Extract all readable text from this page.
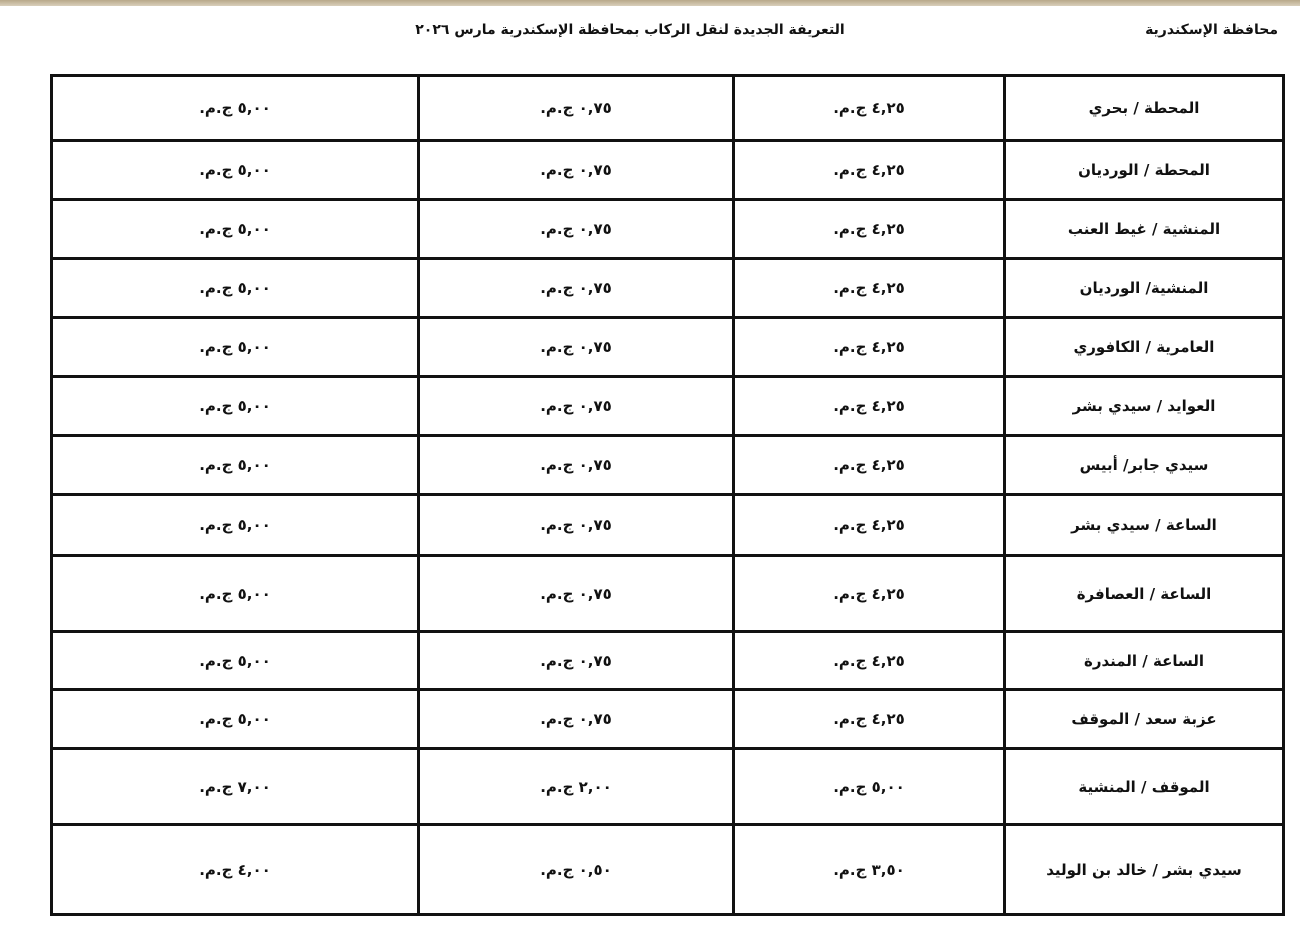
محافظة الإسكندرية
التعريفة الجديدة لنقل الركاب بمحافظة الإسكندرية مارس ٢٠٢٦
المحطة / بحري	٤,٢٥ ج.م.	٠,٧٥ ج.م.	٥,٠٠ ج.م.
المحطة / الورديان	٤,٢٥ ج.م.	٠,٧٥ ج.م.	٥,٠٠ ج.م.
المنشية / غيط العنب	٤,٢٥ ج.م.	٠,٧٥ ج.م.	٥,٠٠ ج.م.
المنشية/ الورديان	٤,٢٥ ج.م.	٠,٧٥ ج.م.	٥,٠٠ ج.م.
العامرية / الكافوري	٤,٢٥ ج.م.	٠,٧٥ ج.م.	٥,٠٠ ج.م.
العوايد / سيدي بشر	٤,٢٥ ج.م.	٠,٧٥ ج.م.	٥,٠٠ ج.م.
سيدي جابر/ أبيس	٤,٢٥ ج.م.	٠,٧٥ ج.م.	٥,٠٠ ج.م.
الساعة / سيدي بشر	٤,٢٥ ج.م.	٠,٧٥ ج.م.	٥,٠٠ ج.م.
الساعة / العصافرة	٤,٢٥ ج.م.	٠,٧٥ ج.م.	٥,٠٠ ج.م.
الساعة / المندرة	٤,٢٥ ج.م.	٠,٧٥ ج.م.	٥,٠٠ ج.م.
عزبة سعد / الموقف	٤,٢٥ ج.م.	٠,٧٥ ج.م.	٥,٠٠ ج.م.
الموقف / المنشية	٥,٠٠ ج.م.	٢,٠٠ ج.م.	٧,٠٠ ج.م.
سيدي بشر / خالد بن الوليد	٣,٥٠ ج.م.	٠,٥٠ ج.م.	٤,٠٠ ج.م.
